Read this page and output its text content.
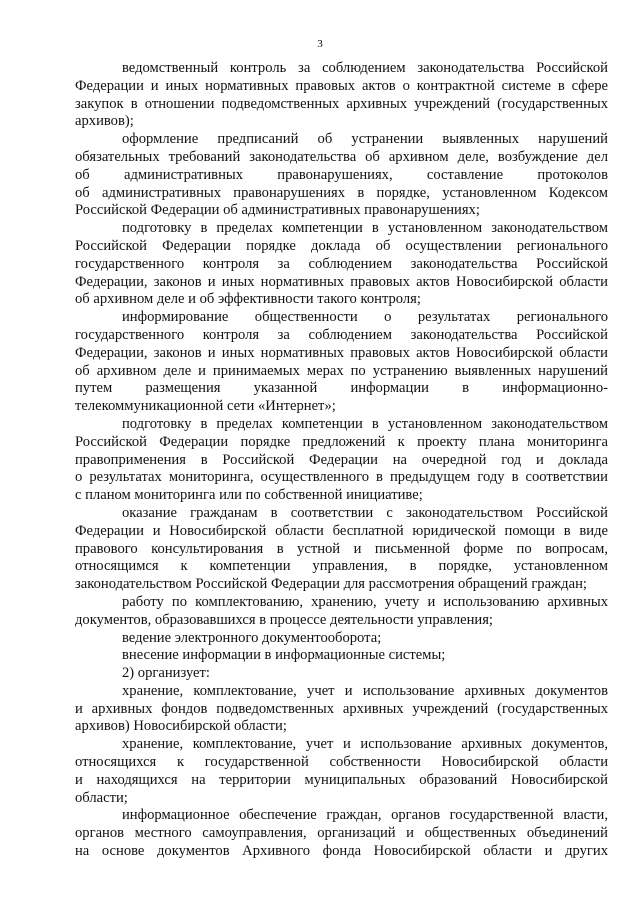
3
ведомственный контроль за соблюдением законодательства Российской
Федерации и иных нормативных правовых актов о контрактной системе в сфере
закупок в отношении подведомственных архивных учреждений (государственных
архивов);
оформление предписаний об устранении выявленных нарушений
обязательных требований законодательства об архивном деле, возбуждение дел
об административных правонарушениях, составление протоколов
об административных правонарушениях в порядке, установленном Кодексом
Российской Федерации об административных правонарушениях;
подготовку в пределах компетенции в установленном законодательством
Российской Федерации порядке доклада об осуществлении регионального
государственного контроля за соблюдением законодательства Российской
Федерации, законов и иных нормативных правовых актов Новосибирской области
об архивном деле и об эффективности такого контроля;
информирование общественности о результатах регионального
государственного контроля за соблюдением законодательства Российской
Федерации, законов и иных нормативных правовых актов Новосибирской области
об архивном деле и принимаемых мерах по устранению выявленных нарушений
путем размещения указанной информации в информационно-
телекоммуникационной сети «Интернет»;
подготовку в пределах компетенции в установленном законодательством
Российской Федерации порядке предложений к проекту плана мониторинга
правоприменения в Российской Федерации на очередной год и доклада
о результатах мониторинга, осуществленного в предыдущем году в соответствии
с планом мониторинга или по собственной инициативе;
оказание гражданам в соответствии с законодательством Российской
Федерации и Новосибирской области бесплатной юридической помощи в виде
правового консультирования в устной и письменной форме по вопросам,
относящимся к компетенции управления, в порядке, установленном
законодательством Российской Федерации для рассмотрения обращений граждан;
работу по комплектованию, хранению, учету и использованию архивных
документов, образовавшихся в процессе деятельности управления;
ведение электронного документооборота;
внесение информации в информационные системы;
2) организует:
хранение, комплектование, учет и использование архивных документов
и архивных фондов подведомственных архивных учреждений (государственных
архивов) Новосибирской области;
хранение, комплектование, учет и использование архивных документов,
относящихся к государственной собственности Новосибирской области
и находящихся на территории муниципальных образований Новосибирской
области;
информационное обеспечение граждан, органов государственной власти,
органов местного самоуправления, организаций и общественных объединений
на основе документов Архивного фонда Новосибирской области и других
